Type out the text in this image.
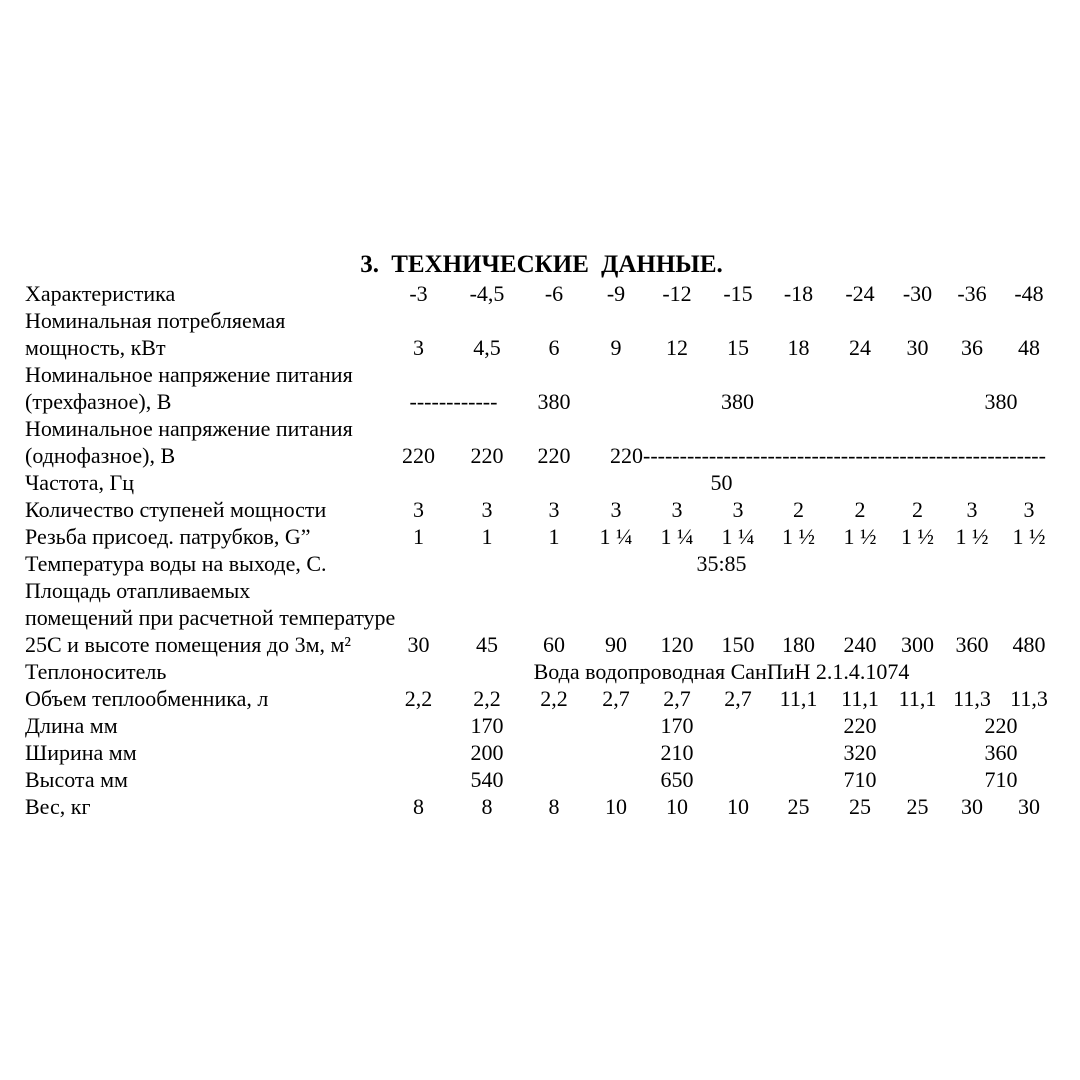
3. ТЕХНИЧЕСКИЕ ДАННЫЕ.
Характеристика	-3	-4,5	-6	-9	-12	-15	-18	-24	-30	-36	-48
Номинальная потребляемая
мощность, кВт	3	4,5	6	9	12	15	18	24	30	36	48
Номинальное напряжение питания
(трехфазное), В	------------		380		380					380	
Номинальное напряжение питания
(однофазное), В	220	220	220	220-------------------------------------------------------							
Частота, Гц	50										
Количество ступеней мощности	3	3	3	3	3	3	2	2	2	3	3
Резьба присоед. патрубков, G”	1	1	1	1 ¼	1 ¼	1 ¼	1 ½	1 ½	1 ½	1 ½	1 ½
Температура воды на выходе, С.	35:85										
Площадь отапливаемых
помещений при расчетной температуре
25С и высоте помещения до 3м, м²	30	45	60	90	120	150	180	240	300	360	480
Теплоноситель	Вода водопроводная СанПиН 2.1.4.1074										
Объем теплообменника, л	2,2	2,2	2,2	2,7	2,7	2,7	11,1	11,1	11,1	11,3	11,3
Длина мм		170			170			220		220	
Ширина мм		200			210			320		360	
Высота мм		540			650			710		710	
Вес, кг	8	8	8	10	10	10	25	25	25	30	30
